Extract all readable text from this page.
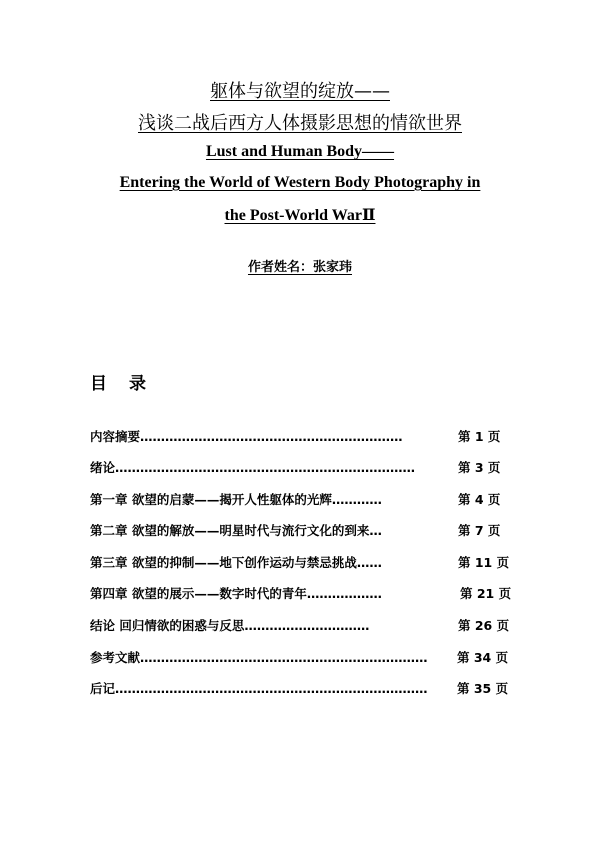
躯体与欲望的绽放——
浅谈二战后西方人体摄影思想的情欲世界
Lust and Human Body——
Entering the World of Western Body Photography in
the Post-World WarⅡ
作者姓名：张家玮
目录
内容摘要………………………………………………………	第 1 页
绪论………………………………………………………………	第 3 页
第一章 欲望的启蒙——揭开人性躯体的光辉…………	第 4 页
第二章 欲望的解放——明星时代与流行文化的到来…	第 7 页
第三章 欲望的抑制——地下创作运动与禁忌挑战……	第 11 页
第四章 欲望的展示——数字时代的青年………………	第 21 页
结论 回归情欲的困惑与反思…………………………	第 26 页
参考文献……………………………………………………………	第 34 页
后记…………………………………………………………………	第 35 页
